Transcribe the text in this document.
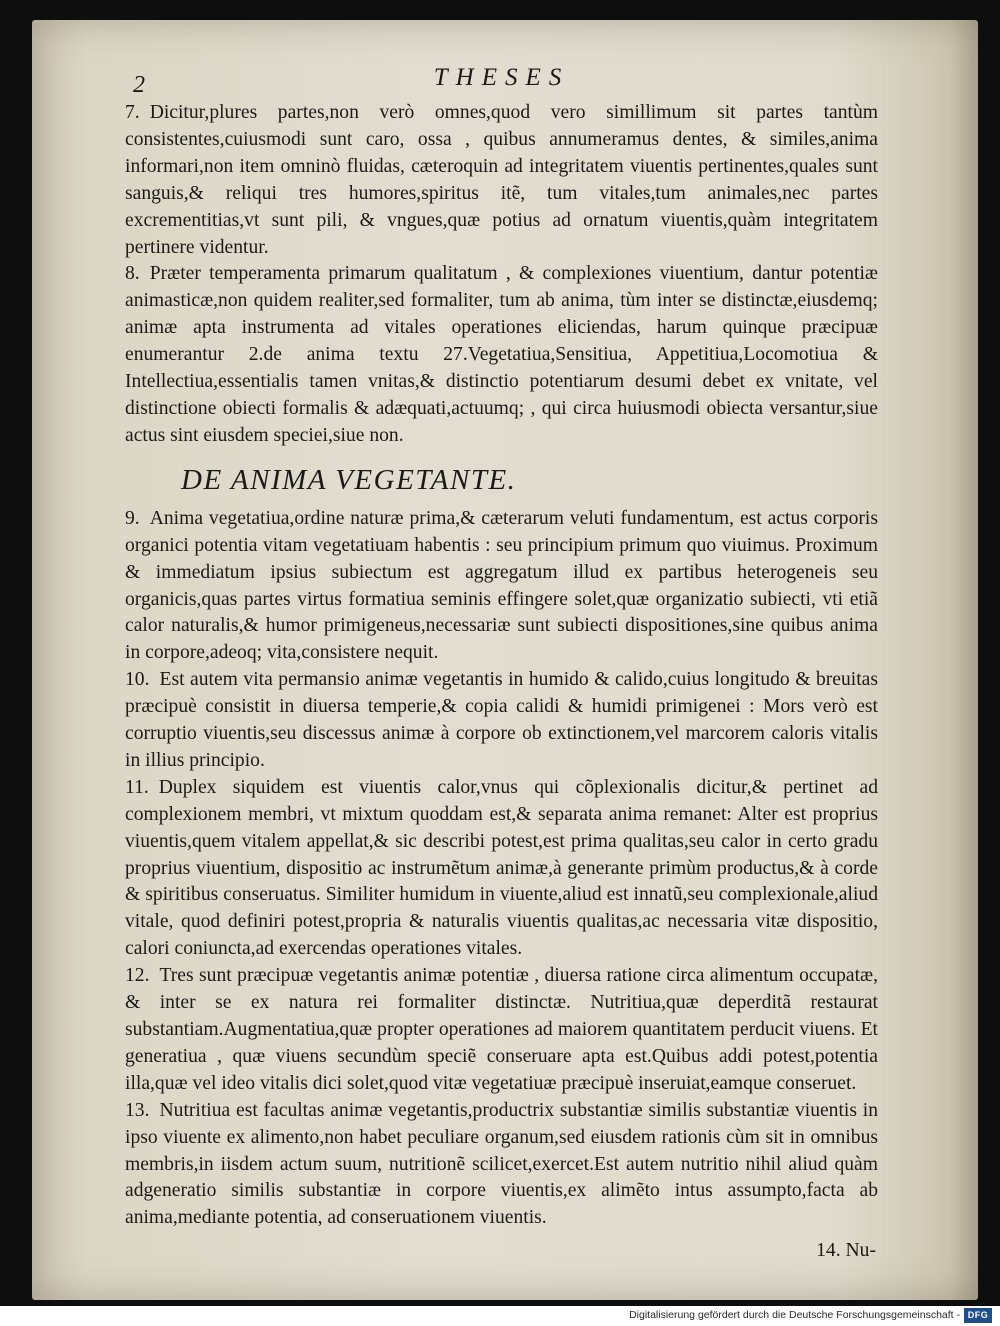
2	THESES

7. Dicitur,plures partes,non verò omnes,quod vero simillimum sit partes tantùm consistentes,cuiusmodi sunt caro, ossa , quibus annumeramus dentes, & similes,anima informari,non item omninò fluidas, cæteroquin ad integritatem viuentis pertinentes,quales sunt sanguis,& reliqui tres humores,spiritus itẽ, tum vitales,tum animales,nec partes excrementitias,vt sunt pili, & vngues,quæ potius ad ornatum viuentis,quàm integritatem pertinere videntur.

8. Præter temperamenta primarum qualitatum , & complexiones viuentium, dantur potentiæ animasticæ,non quidem realiter,sed formaliter, tum ab anima, tùm inter se distinctæ,eiusdemq; animæ apta instrumenta ad vitales operationes eliciendas, harum quinque præcipuæ enumerantur 2.de anima textu 27.Vegetatiua,Sensitiua, Appetitiua,Locomotiua & Intellectiua,essentialis tamen vnitas,& distinctio potentiarum desumi debet ex vnitate, vel distinctione obiecti formalis & adæquati,actuumq; , qui circa huiusmodi obiecta versantur,siue actus sint eiusdem speciei,siue non.

DE ANIMA VEGETANTE.

9. Anima vegetatiua,ordine naturæ prima,& cæterarum veluti fundamentum, est actus corporis organici potentia vitam vegetatiuam habentis : seu principium primum quo viuimus. Proximum & immediatum ipsius subiectum est aggregatum illud ex partibus heterogeneis seu organicis,quas partes virtus formatiua seminis effingere solet,quæ organizatio subiecti, vti etiã calor naturalis,& humor primigeneus,necessariæ sunt subiecti dispositiones,sine quibus anima in corpore,adeoq; vita,consistere nequit.

10. Est autem vita permansio animæ vegetantis in humido & calido,cuius longitudo & breuitas præcipuè consistit in diuersa temperie,& copia calidi & humidi primigenei : Mors verò est corruptio viuentis,seu discessus animæ à corpore ob extinctionem,vel marcorem caloris vitalis in illius principio.

11. Duplex siquidem est viuentis calor,vnus qui cõplexionalis dicitur,& pertinet ad complexionem membri, vt mixtum quoddam est,& separata anima remanet: Alter est proprius viuentis,quem vitalem appellat,& sic describi potest,est prima qualitas,seu calor in certo gradu proprius viuentium, dispositio ac instrumẽtum animæ,à generante primùm productus,& à corde & spiritibus conseruatus. Similiter humidum in viuente,aliud est innatũ,seu complexionale,aliud vitale, quod definiri potest,propria & naturalis viuentis qualitas,ac necessaria vitæ dispositio, calori coniuncta,ad exercendas operationes vitales.

12. Tres sunt præcipuæ vegetantis animæ potentiæ , diuersa ratione circa alimentum occupatæ, & inter se ex natura rei formaliter distinctæ. Nutritiua,quæ deperditã restaurat substantiam.Augmentatiua,quæ propter operationes ad maiorem quantitatem perducit viuens. Et generatiua , quæ viuens secundùm speciẽ conseruare apta est.Quibus addi potest,potentia illa,quæ vel ideo vitalis dici solet,quod vitæ vegetatiuæ præcipuè inseruiat,eamque conseruet.

13. Nutritiua est facultas animæ vegetantis,productrix substantiæ similis substantiæ viuentis in ipso viuente ex alimento,non habet peculiare organum,sed eiusdem rationis cùm sit in omnibus membris,in iisdem actum suum, nutritionẽ scilicet,exercet.Est autem nutritio nihil aliud quàm adgeneratio similis substantiæ in corpore viuentis,ex alimẽto intus assumpto,facta ab anima,mediante potentia, ad conseruationem viuentis.

14. Nu-
Digitalisierung gefördert durch die Deutsche Forschungsgemeinschaft - DFG
